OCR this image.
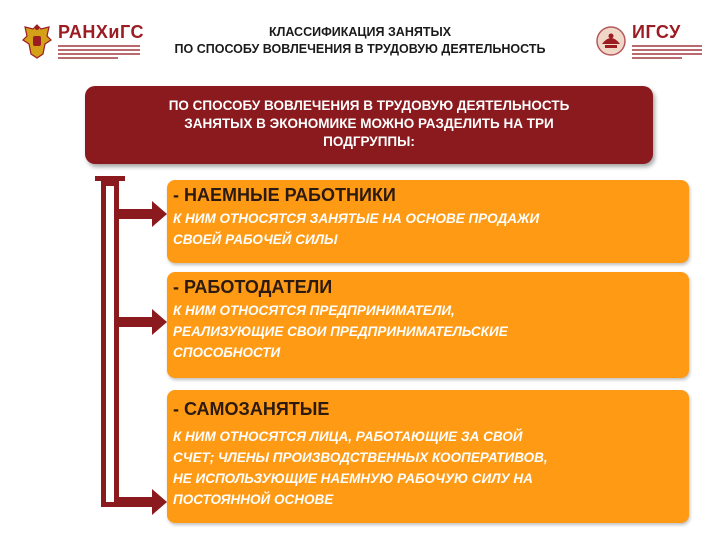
РАНХиГС	КЛАССИФИКАЦИЯ ЗАНЯТЫХ
ПО СПОСОБУ ВОВЛЕЧЕНИЯ В ТРУДОВУЮ ДЕЯТЕЛЬНОСТЬ
ИГСУ
ПО СПОСОБУ ВОВЛЕЧЕНИЯ В ТРУДОВУЮ ДЕЯТЕЛЬНОСТЬ
ЗАНЯТЫХ В ЭКОНОМИКЕ МОЖНО РАЗДЕЛИТЬ НА ТРИ
ПОДГРУППЫ:
- НАЕМНЫЕ РАБОТНИКИ
К НИМ ОТНОСЯТСЯ ЗАНЯТЫЕ НА ОСНОВЕ ПРОДАЖИ
СВОЕЙ РАБОЧЕЙ СИЛЫ
- РАБОТОДАТЕЛИ
К НИМ ОТНОСЯТСЯ ПРЕДПРИНИМАТЕЛИ,
РЕАЛИЗУЮЩИЕ СВОИ ПРЕДПРИНИМАТЕЛЬСКИЕ
СПОСОБНОСТИ
- САМОЗАНЯТЫЕ
К НИМ ОТНОСЯТСЯ ЛИЦА, РАБОТАЮЩИЕ ЗА СВОЙ
СЧЕТ; ЧЛЕНЫ ПРОИЗВОДСТВЕННЫХ КООПЕРАТИВОВ,
НЕ ИСПОЛЬЗУЮЩИЕ НАЕМНУЮ РАБОЧУЮ СИЛУ НА
ПОСТОЯННОЙ ОСНОВЕ
